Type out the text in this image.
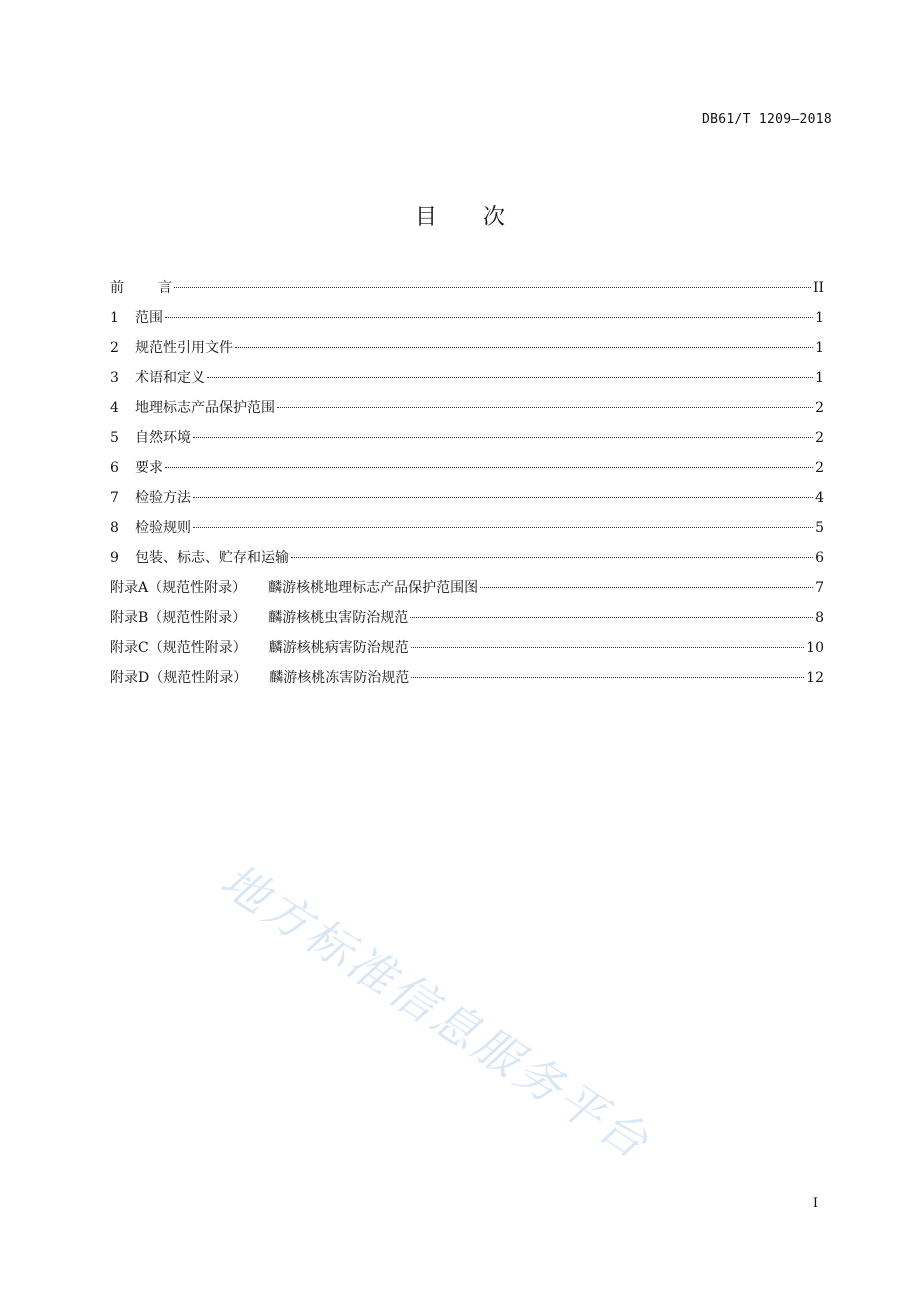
DB61/T 1209—2018
目 次
前 言	II
1	范围	1
2	规范性引用文件	1
3	术语和定义	1
4	地理标志产品保护范围	2
5	自然环境	2
6	要求	2
7	检验方法	4
8	检验规则	5
9	包装、标志、贮存和运输	6
附录A（规范性附录） 麟游核桃地理标志产品保护范围图	7
附录B（规范性附录） 麟游核桃虫害防治规范	8
附录C（规范性附录） 麟游核桃病害防治规范	10
附录D（规范性附录） 麟游核桃冻害防治规范	12
地方标准信息服务平台
I
